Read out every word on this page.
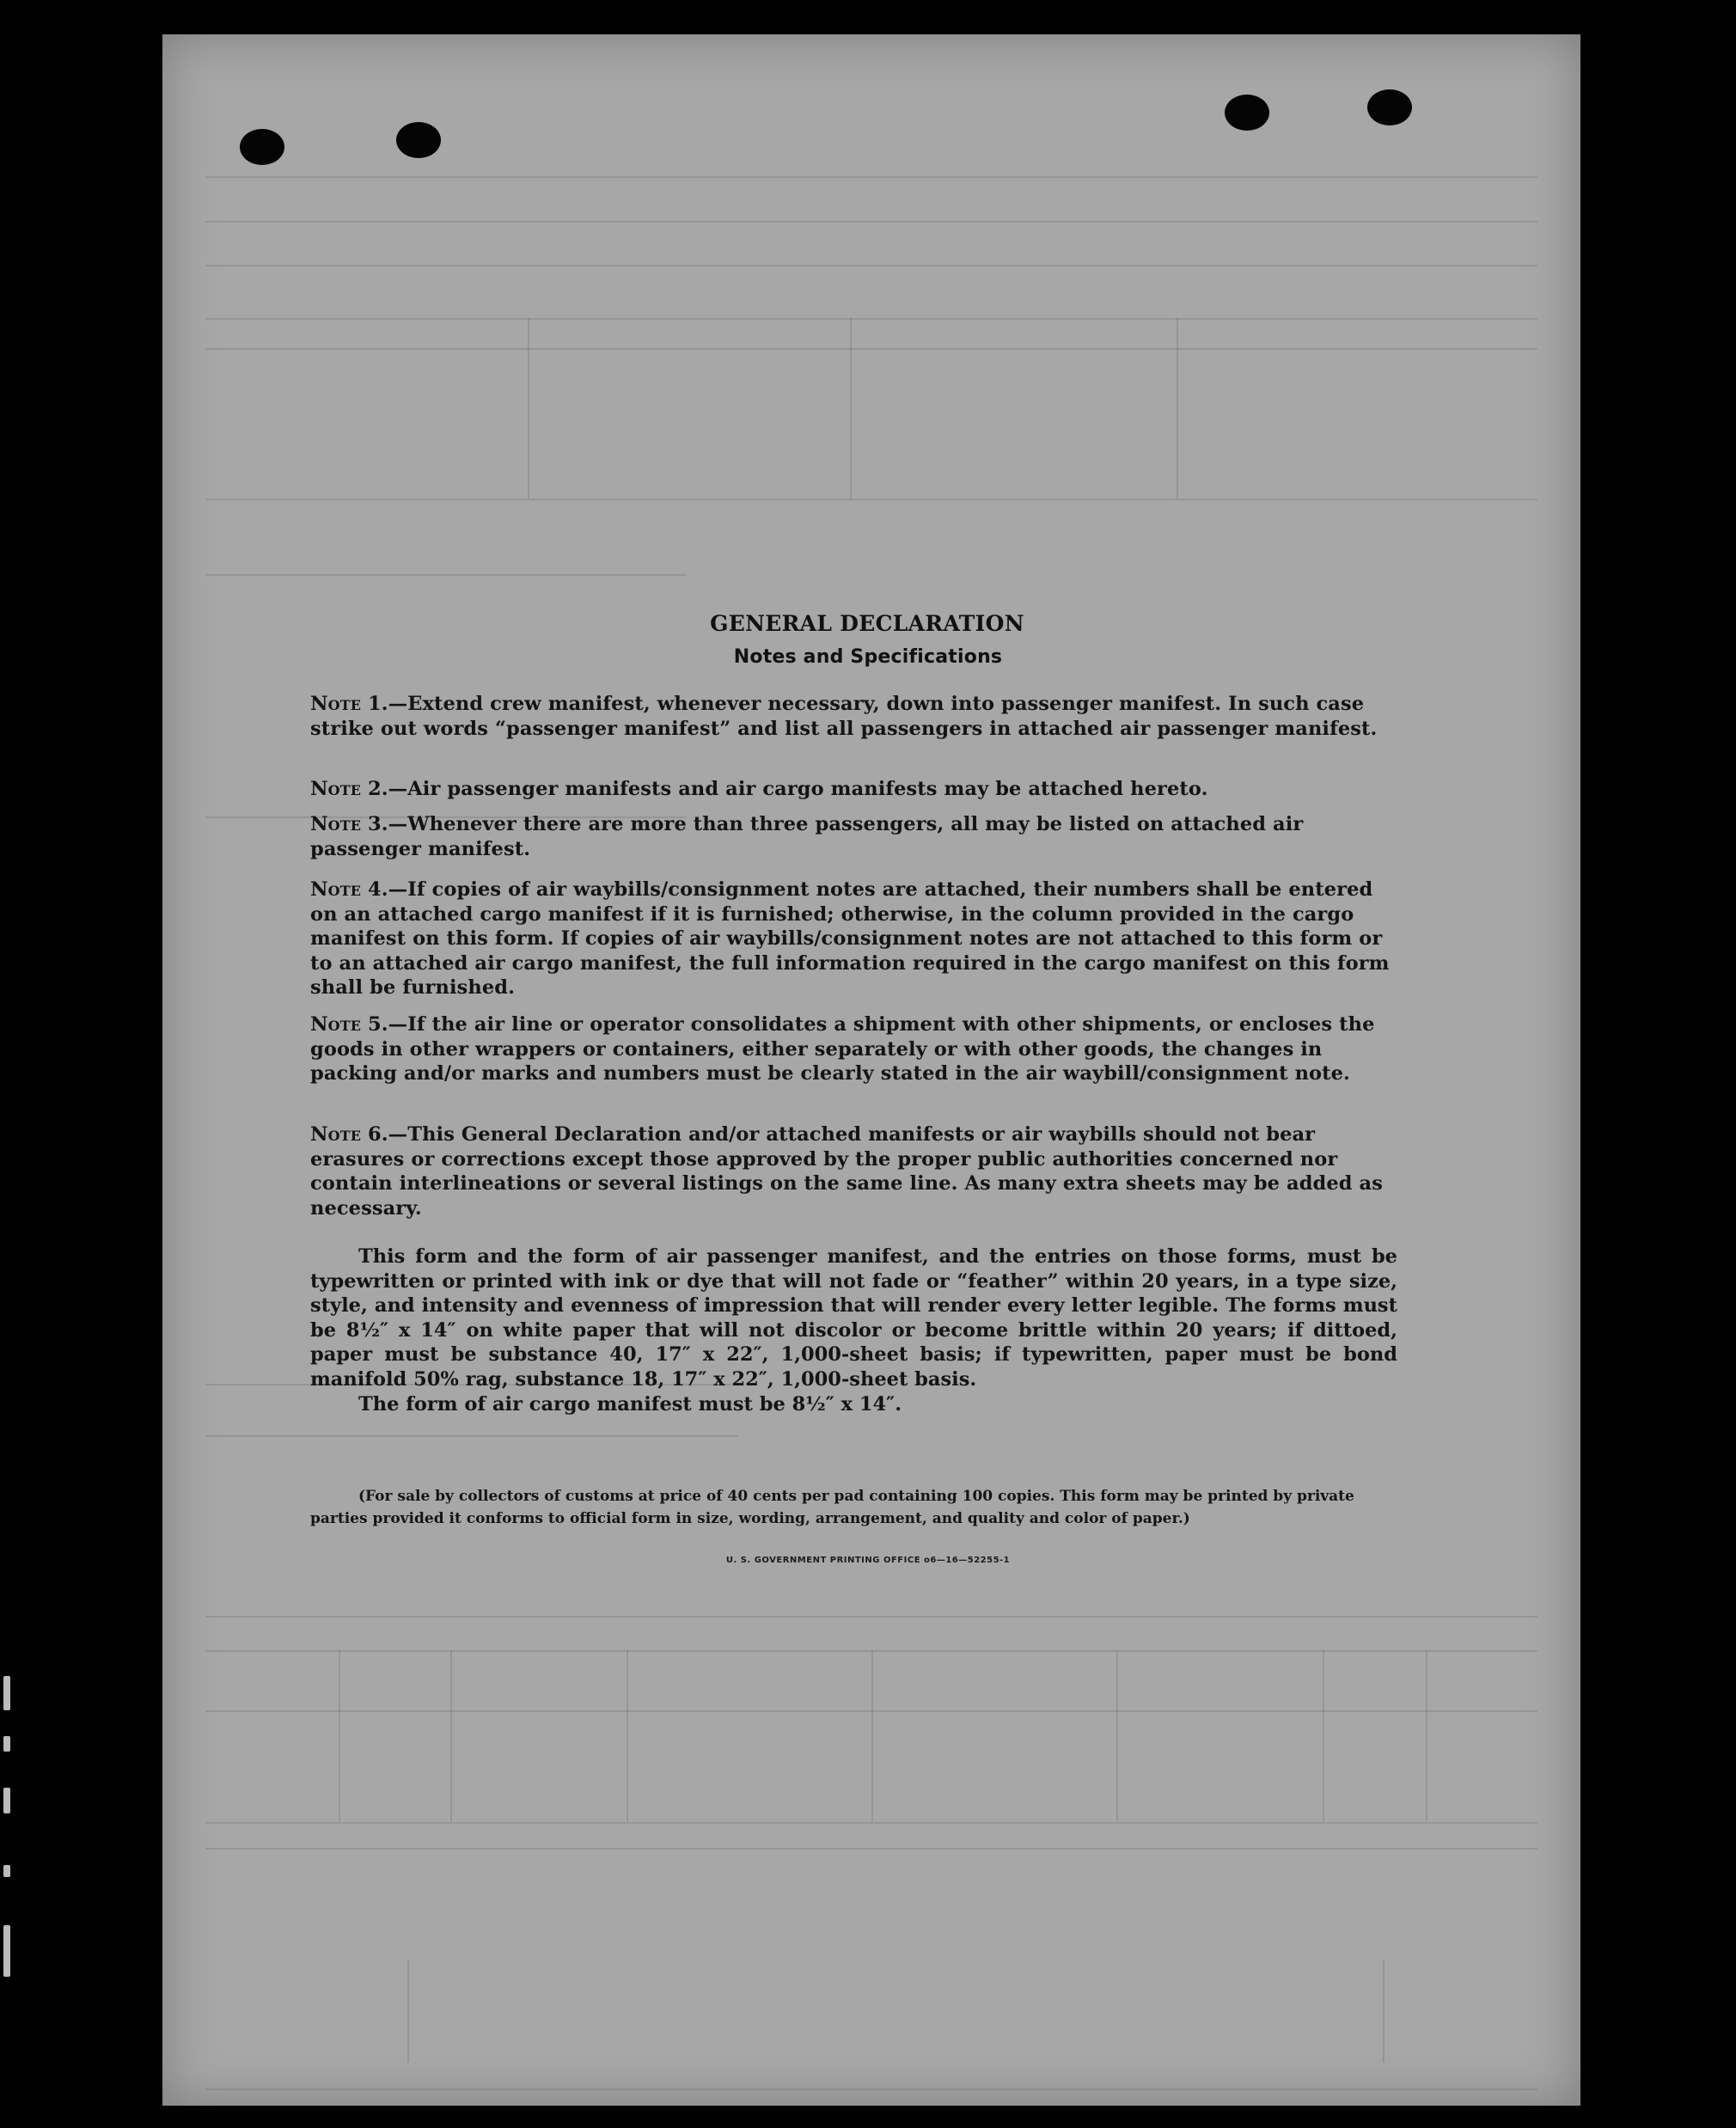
GENERAL DECLARATION
Notes and Specifications
Note 1.—Extend crew manifest, whenever necessary, down into passenger manifest. In such case strike out words “passenger manifest” and list all passengers in attached air passenger manifest.
Note 2.—Air passenger manifests and air cargo manifests may be attached hereto.
Note 3.—Whenever there are more than three passengers, all may be listed on attached air passenger manifest.
Note 4.—If copies of air waybills/consignment notes are attached, their numbers shall be entered on an attached cargo manifest if it is furnished; otherwise, in the column provided in the cargo manifest on this form. If copies of air waybills/consignment notes are not attached to this form or to an attached air cargo manifest, the full information required in the cargo manifest on this form shall be furnished.
Note 5.—If the air line or operator consolidates a shipment with other shipments, or encloses the goods in other wrappers or containers, either separately or with other goods, the changes in packing and/or marks and numbers must be clearly stated in the air waybill/consignment note.
Note 6.—This General Declaration and/or attached manifests or air waybills should not bear erasures or corrections except those approved by the proper public authorities concerned nor contain interlineations or several listings on the same line. As many extra sheets may be added as necessary.
This form and the form of air passenger manifest, and the entries on those forms, must be typewritten or printed with ink or dye that will not fade or “feather” within 20 years, in a type size, style, and intensity and evenness of impression that will render every letter legible. The forms must be 8½″ x 14″ on white paper that will not discolor or become brittle within 20 years; if dittoed, paper must be substance 40, 17″ x 22″, 1,000-sheet basis; if typewritten, paper must be bond manifold 50% rag, substance 18, 17″ x 22″, 1,000-sheet basis.
The form of air cargo manifest must be 8½″ x 14″.
(For sale by collectors of customs at price of 40 cents per pad containing 100 copies. This form may be printed by private parties provided it conforms to official form in size, wording, arrangement, and quality and color of paper.)
U. S. GOVERNMENT PRINTING OFFICE o6—16—52255-1
